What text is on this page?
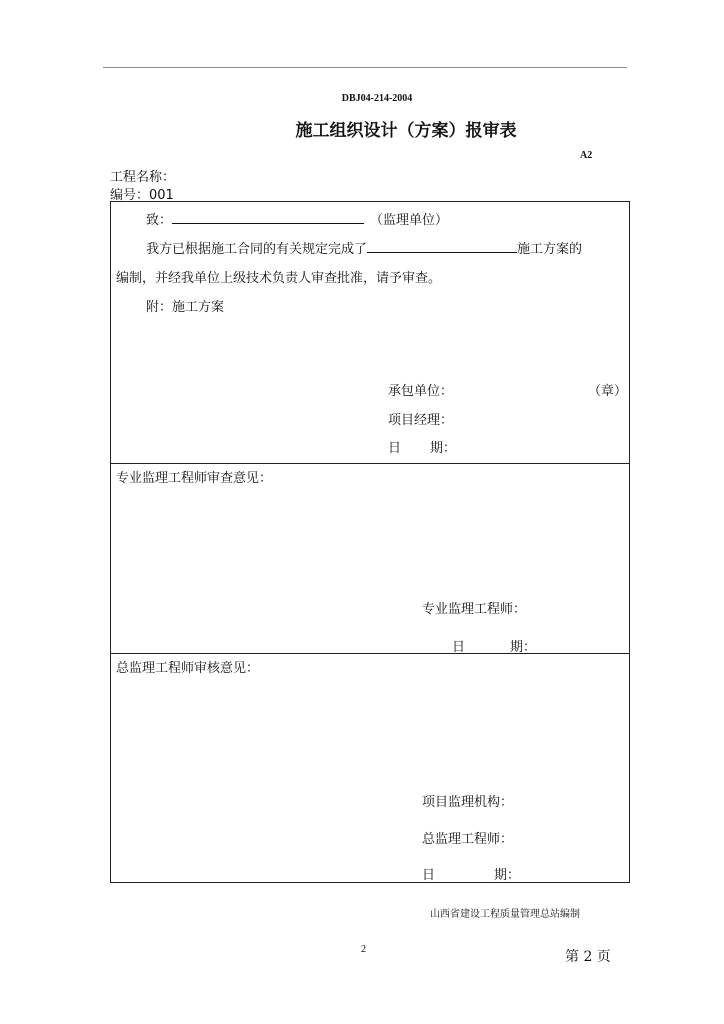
DBJ04-214-2004
施工组织设计（方案）报审表
A2
工程名称：
编号：001
致：	（监理单位）
我方已根据施工合同的有关规定完成了	施工方案的
编制，并经我单位上级技术负责人审查批准，请予审查。
附：施工方案
承包单位：	（章）
项目经理：
日 期：
专业监理工程师审查意见：
专业监理工程师：
日	期：
总监理工程师审核意见：
项目监理机构：
总监理工程师：
日	期：
山西省建设工程质量管理总站编制
2	第 2 页
